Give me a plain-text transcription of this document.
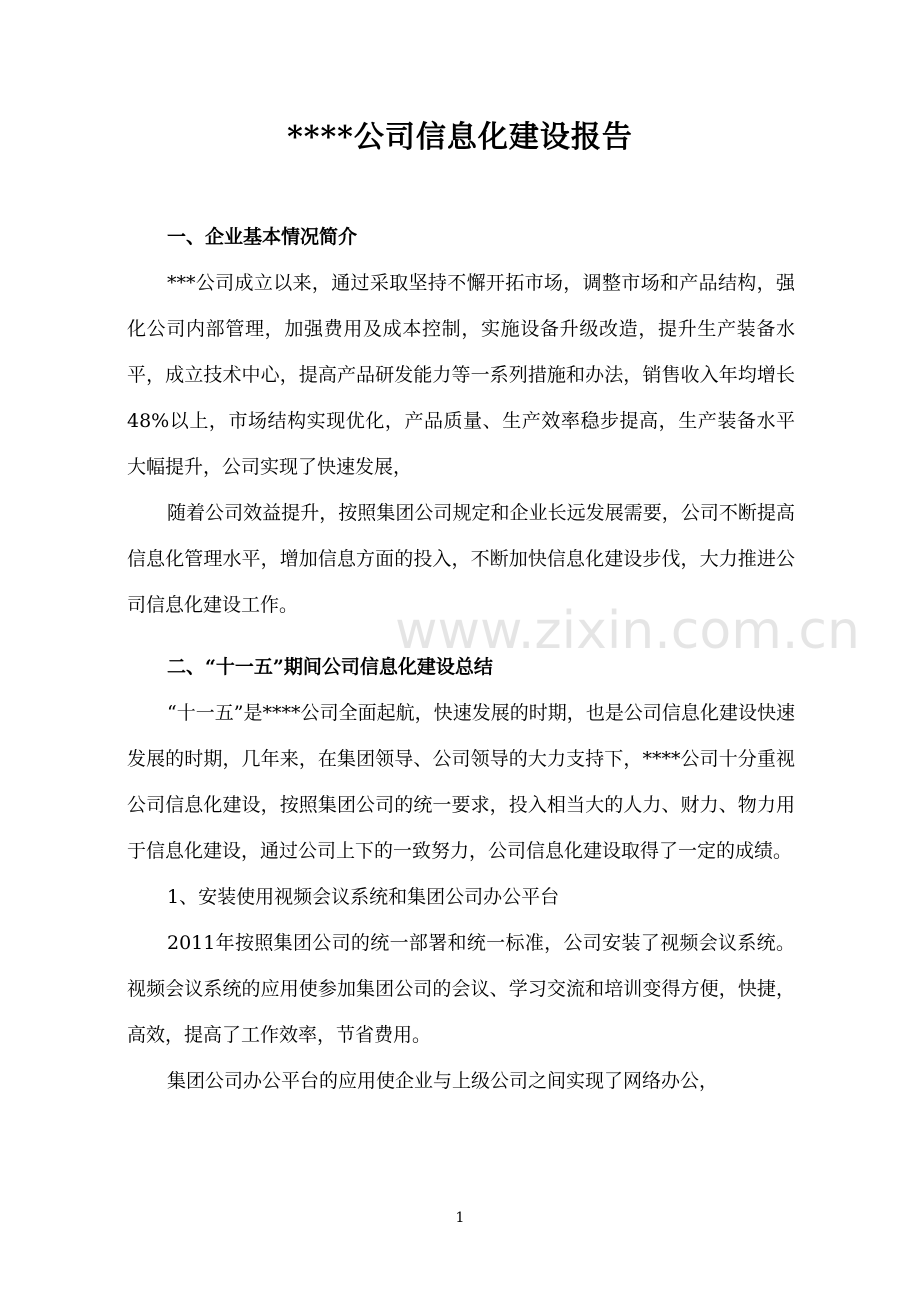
****公司信息化建设报告
一、企业基本情况简介

***公司成立以来，通过采取坚持不懈开拓市场，调整市场和产品结构，强化公司内部管理，加强费用及成本控制，实施设备升级改造，提升生产装备水平，成立技术中心，提高产品研发能力等一系列措施和办法，销售收入年均增长48%以上，市场结构实现优化，产品质量、生产效率稳步提高，生产装备水平大幅提升，公司实现了快速发展，

随着公司效益提升，按照集团公司规定和企业长远发展需要，公司不断提高信息化管理水平，增加信息方面的投入，不断加快信息化建设步伐，大力推进公司信息化建设工作。

二、“十一五”期间公司信息化建设总结

“十一五”是****公司全面起航，快速发展的时期，也是公司信息化建设快速发展的时期，几年来，在集团领导、公司领导的大力支持下，****公司十分重视公司信息化建设，按照集团公司的统一要求，投入相当大的人力、财力、物力用于信息化建设，通过公司上下的一致努力，公司信息化建设取得了一定的成绩。

1、安装使用视频会议系统和集团公司办公平台

2011年按照集团公司的统一部署和统一标准，公司安装了视频会议系统。视频会议系统的应用使参加集团公司的会议、学习交流和培训变得方便，快捷，高效，提高了工作效率，节省费用。

集团公司办公平台的应用使企业与上级公司之间实现了网络办公，

www.zixin.com.cn
1
